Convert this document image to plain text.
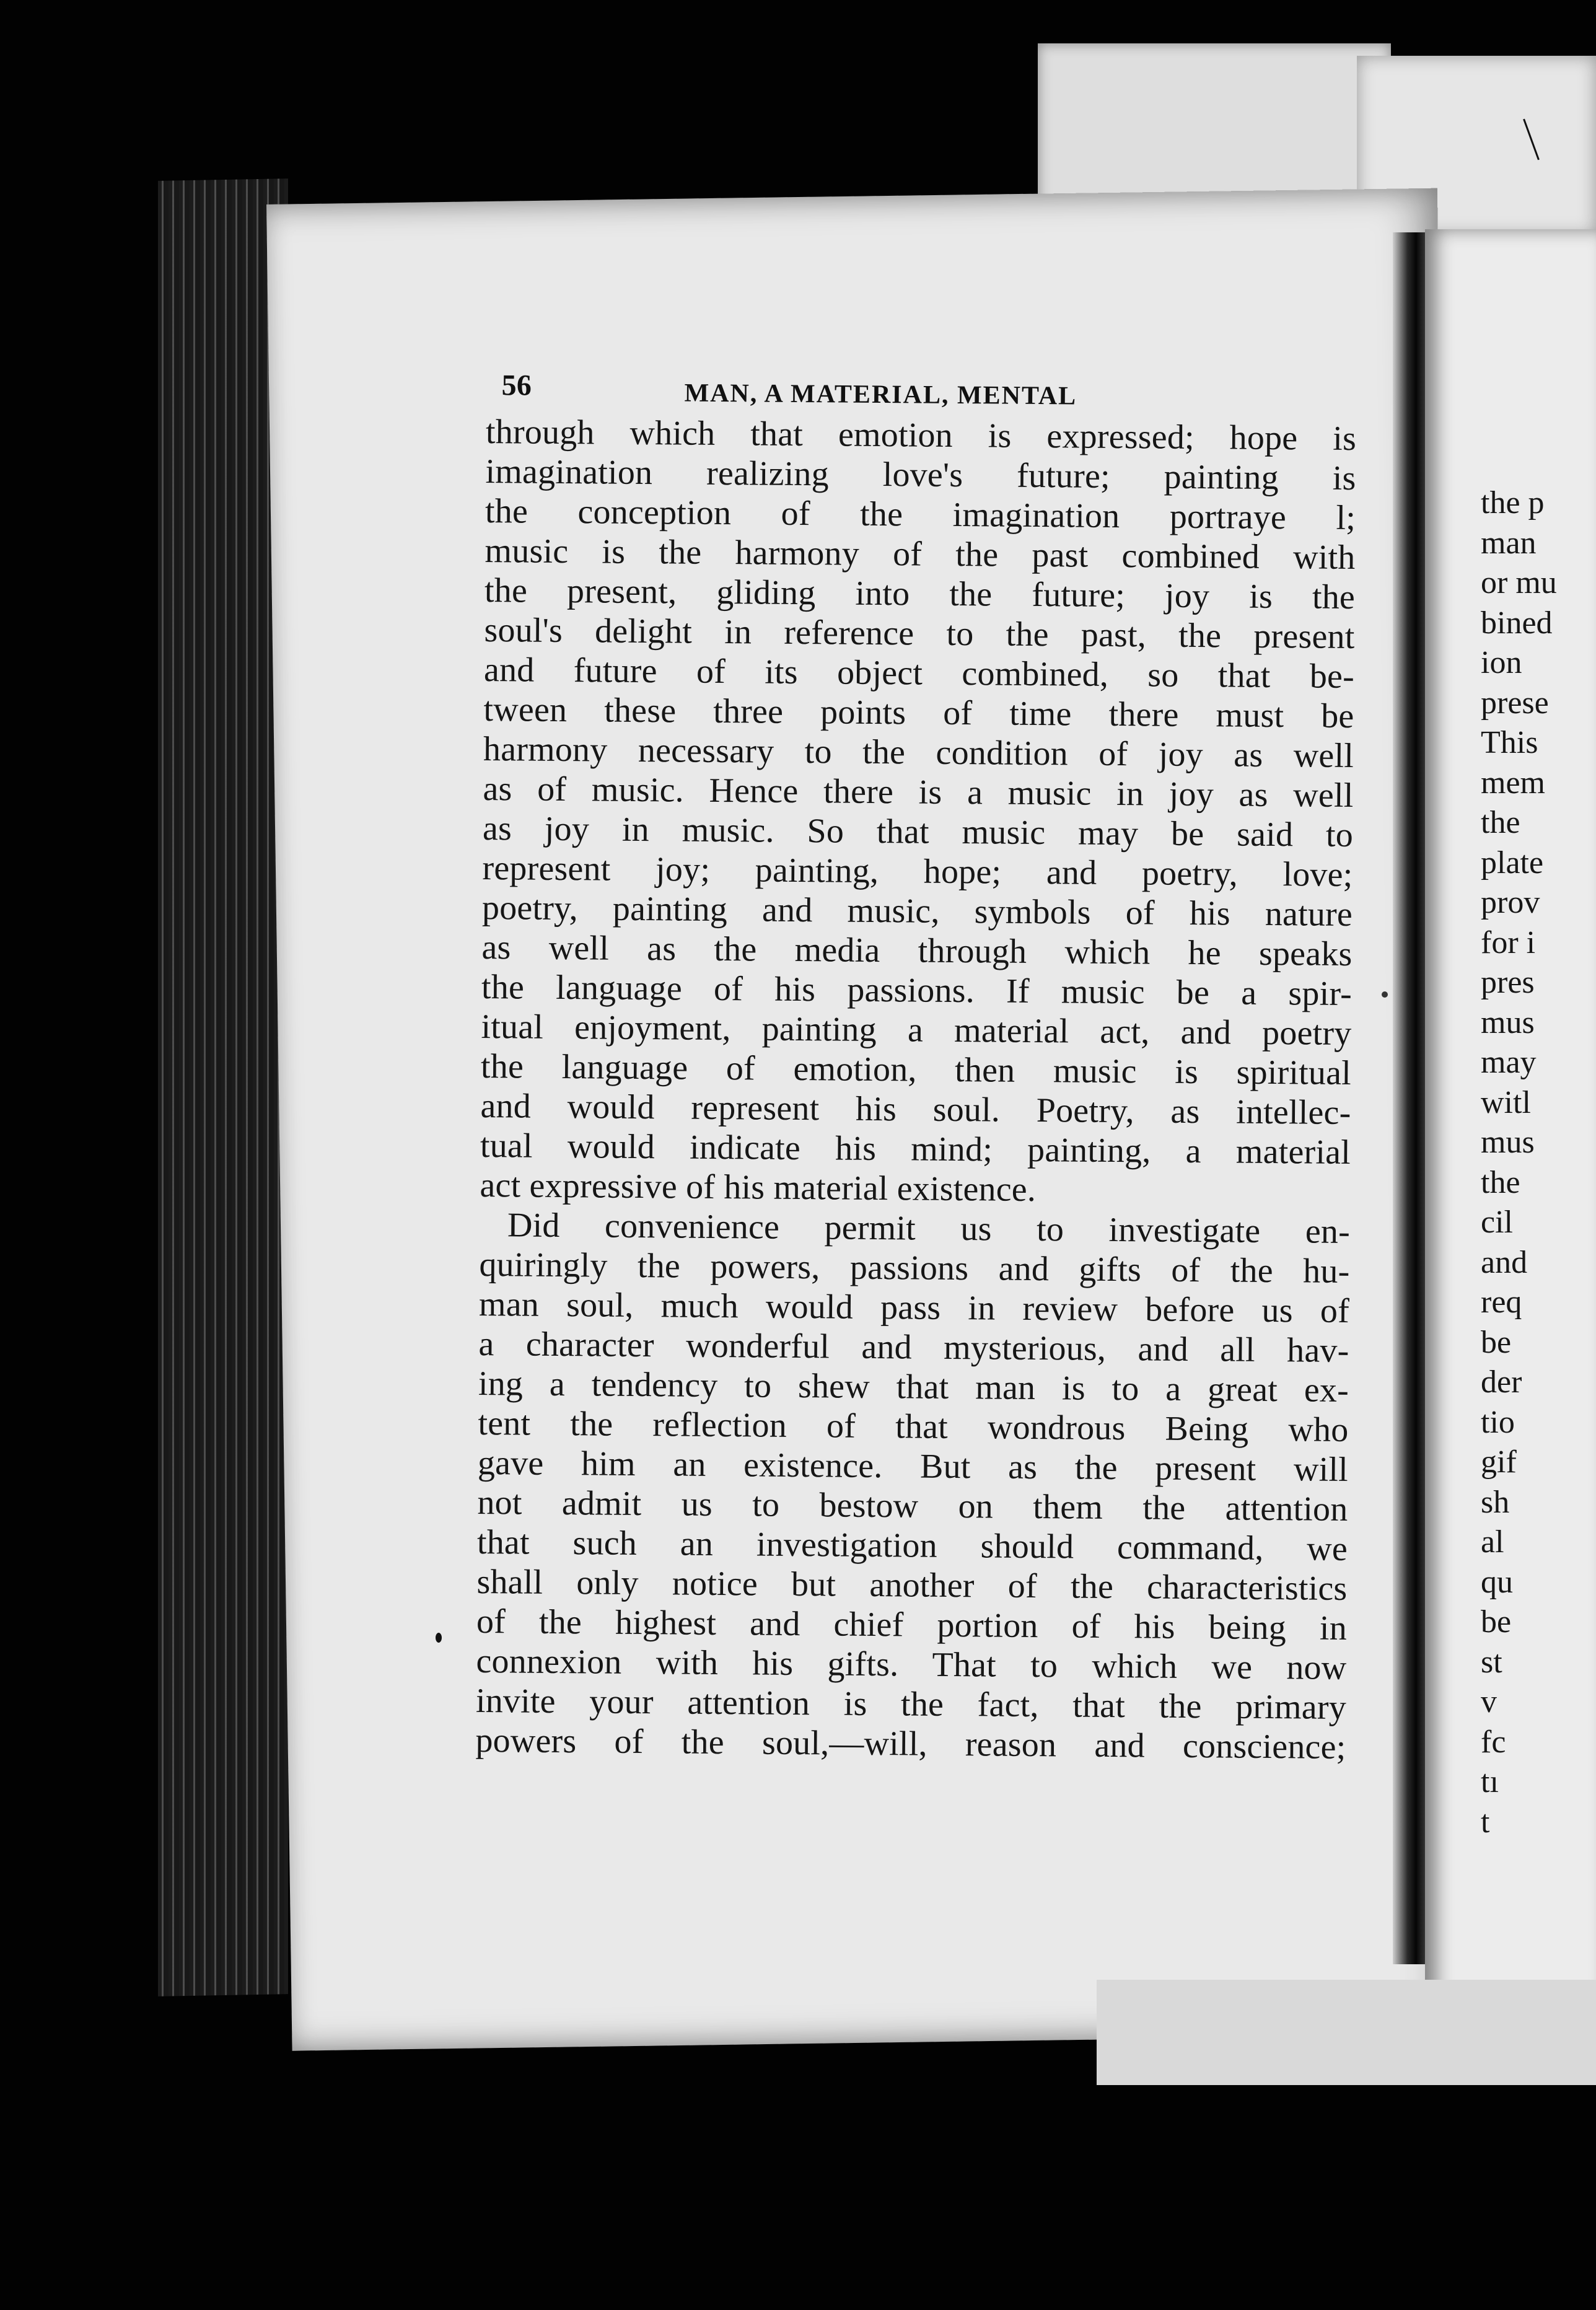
56	MAN, A MATERIAL, MENTAL
through which that emotion is expressed; hope is
imagination realizing love's future; painting is
the conception of the imagination portraye l;
music is the harmony of the past combined with
the present, gliding into the future; joy is the
soul's delight in reference to the past, the present
and future of its object combined, so that be-
tween these three points of time there must be
harmony necessary to the condition of joy as well
as of music. Hence there is a music in joy as well
as joy in music. So that music may be said to
represent joy; painting, hope; and poetry, love;
poetry, painting and music, symbols of his nature
as well as the media through which he speaks
the language of his passions. If music be a spir-
itual enjoyment, painting a material act, and poetry
the language of emotion, then music is spiritual
and would represent his soul. Poetry, as intellec-
tual would indicate his mind; painting, a material
act expressive of his material existence.
Did convenience permit us to investigate en-
quiringly the powers, passions and gifts of the hu-
man soul, much would pass in review before us of
a character wonderful and mysterious, and all hav-
ing a tendency to shew that man is to a great ex-
tent the reflection of that wondrous Being who
gave him an existence. But as the present will
not admit us to bestow on them the attention
that such an investigation should command, we
shall only notice but another of the characteristics
of the highest and chief portion of his being in
connexion with his gifts. That to which we now
invite your attention is the fact, that the primary
powers of the soul,—will, reason and conscience;
the p
man
or mu
bined
ion
prese
This
mem
the
plate
prov
for i
pres
mus
may
witl
mus
the
cil
and
req
be
der
tio
gif
sh
al
qu
be
st
v
fc
tı
t
